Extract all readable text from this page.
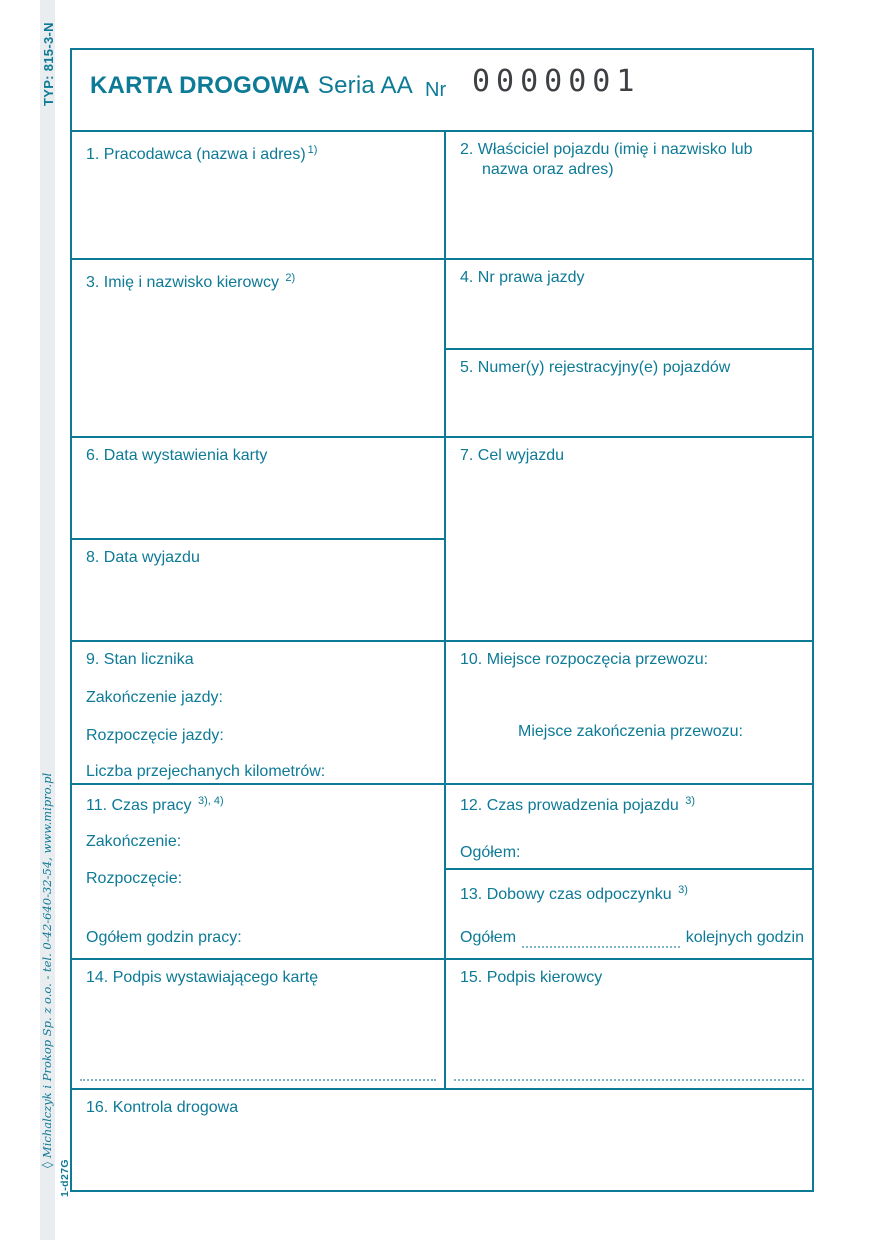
TYP: 815-3-N
◊Michalczyk i Prokop Sp. z o.o. - tel. 0-42-640-32-54, www.mipro.pl
1-d27G
KARTA DROGOWA Seria AA Nr 0000001
1. Pracodawca (nazwa i adres) $^{1)}$	2. Właściciel pojazdu (imię i nazwisko lub nazwa oraz adres)
3. Imię i nazwisko kierowcy $^{2)}$	4. Nr prawa jazdy
5. Numer(y) rejestracyjny(e) pojazdów
6. Data wystawienia karty	7. Cel wyjazdu
8. Data wyjazdu
9. Stan licznika
Zakończenie jazdy:
Rozpoczęcie jazdy:
Liczba przejechanych kilometrów:
10. Miejsce rozpoczęcia przewozu:
Miejsce zakończenia przewozu:
11. Czas pracy $^{3), 4)}$
Zakończenie:
Rozpoczęcie:
Ogółem godzin pracy:
12. Czas prowadzenia pojazdu $^{3)}$
Ogółem:
13. Dobowy czas odpoczynku $^{3)}$
Ogółem	kolejnych godzin
14. Podpis wystawiającego kartę	15. Podpis kierowcy
16. Kontrola drogowa
